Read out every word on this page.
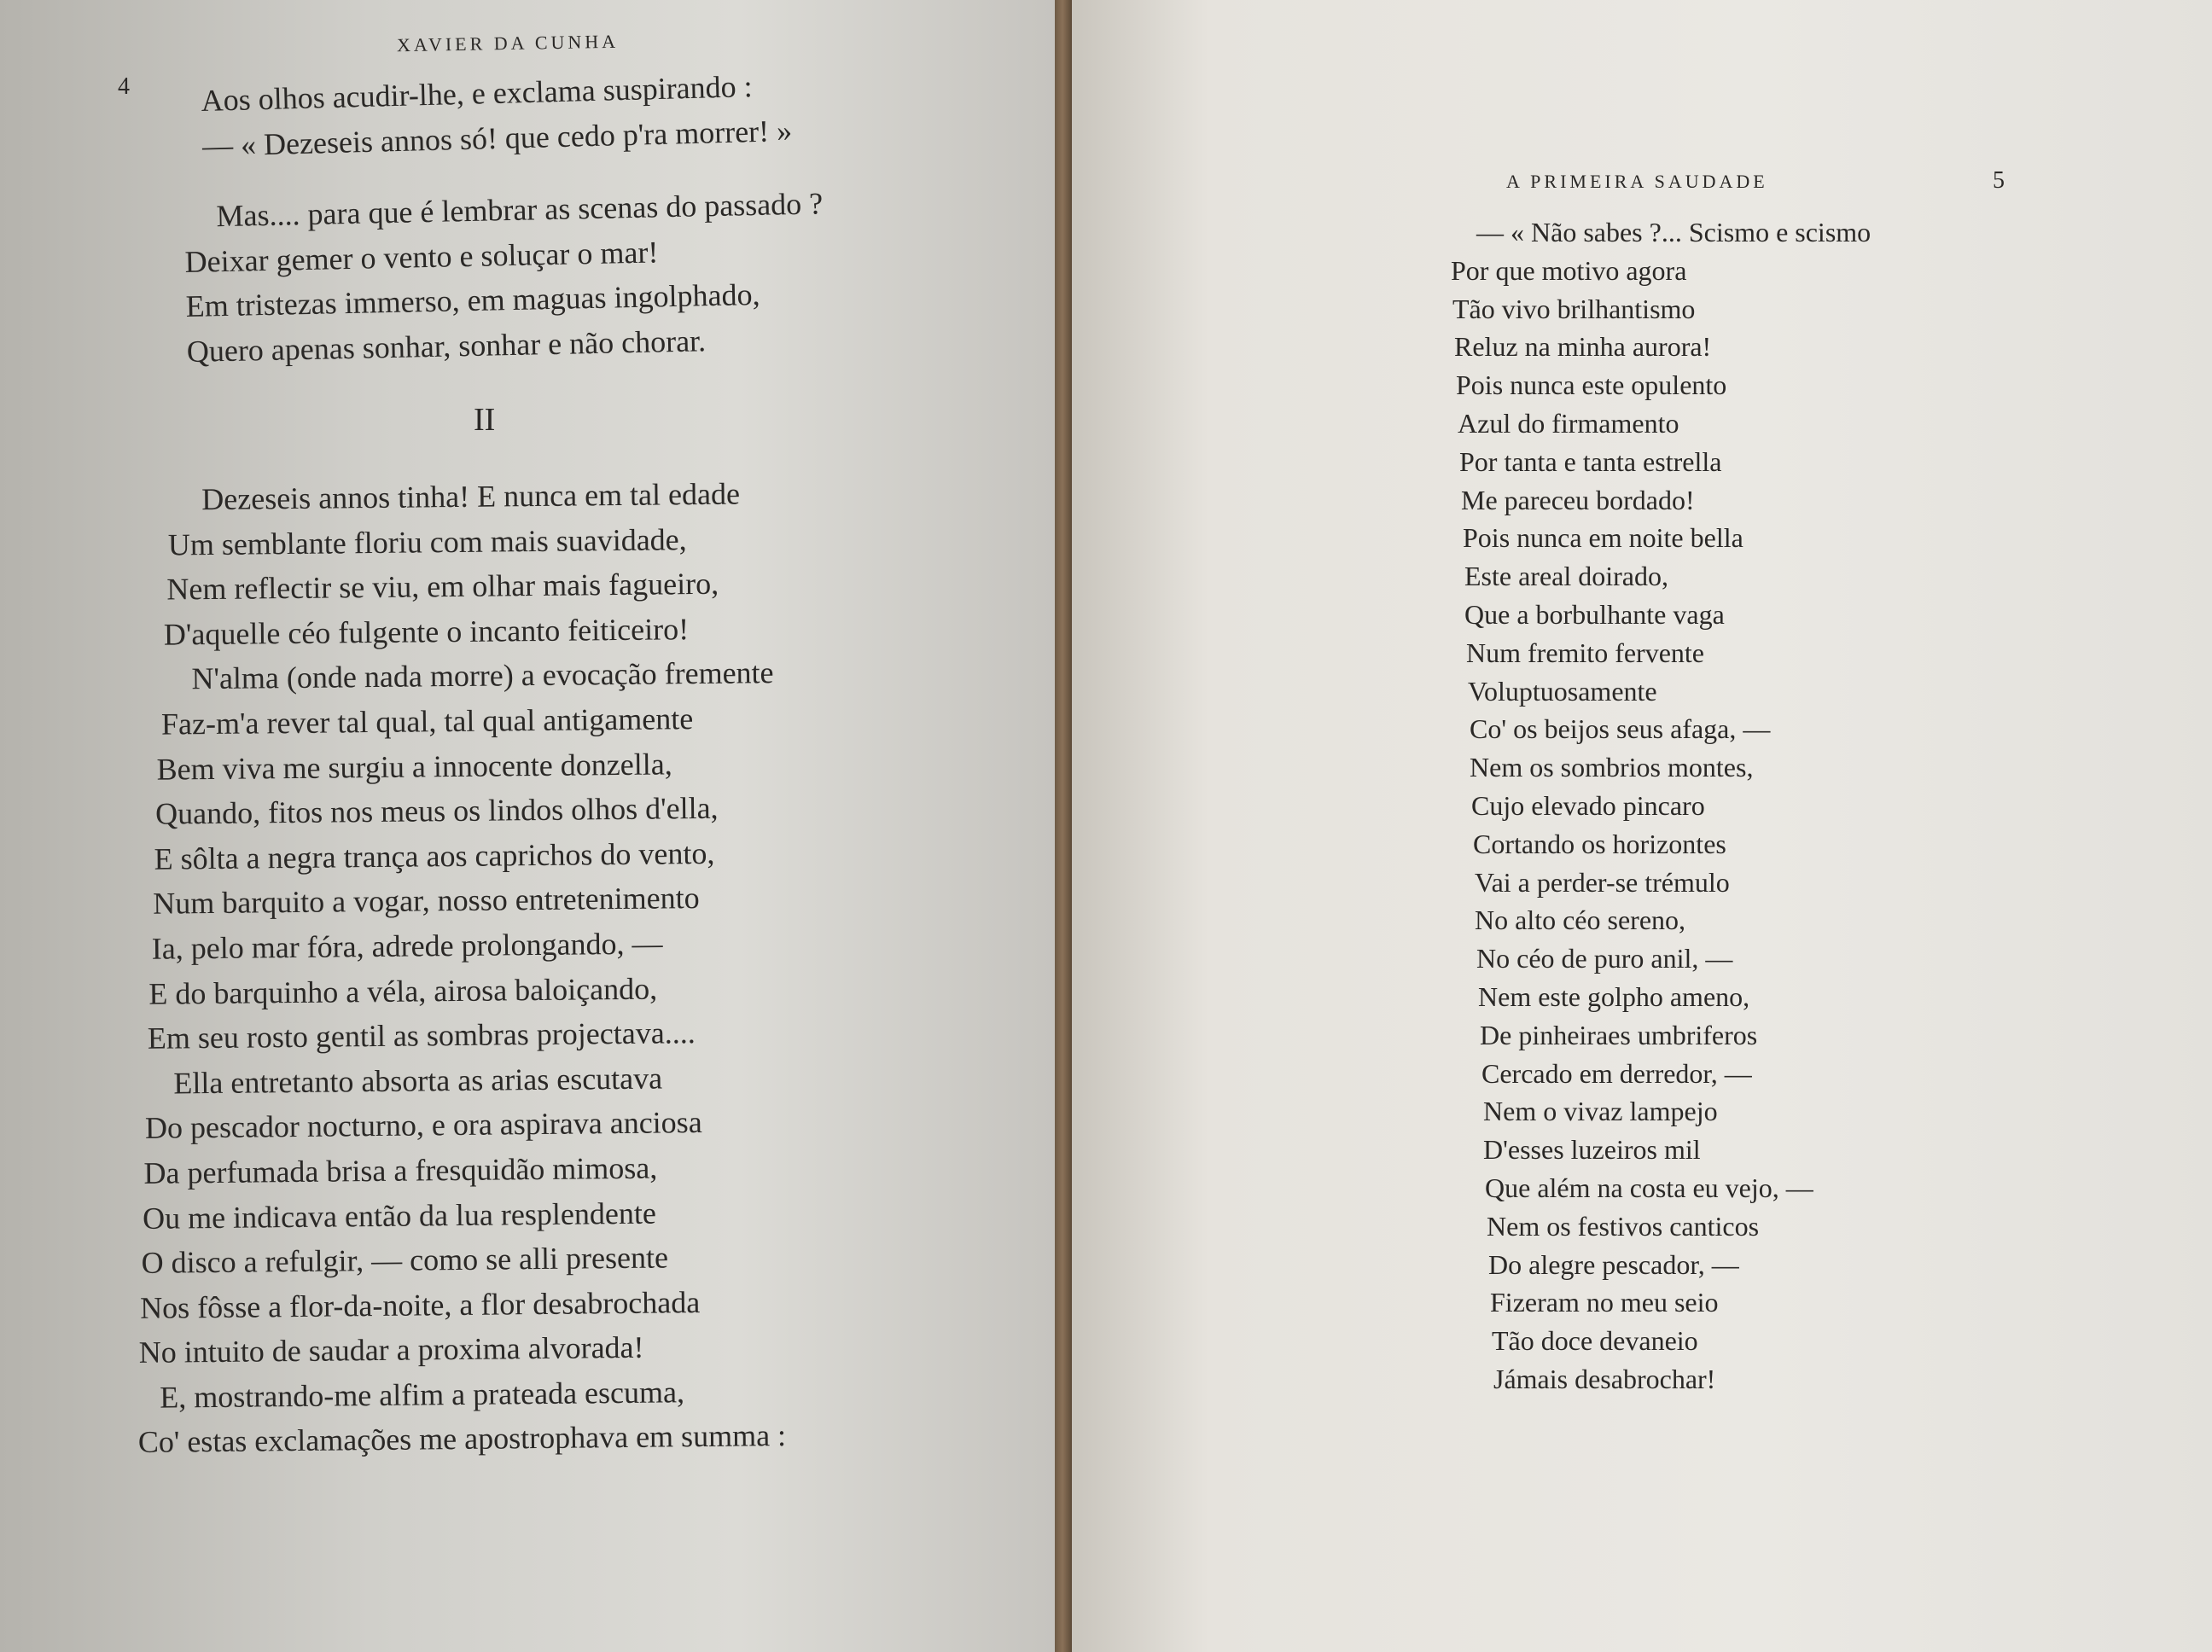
XAVIER DA CUNHA
4 Aos olhos acudir-lhe, e exclama suspirando :
— « Dezeseis annos só! que cedo p'ra morrer! »
Mas.... para que é lembrar as scenas do passado ?
Deixar gemer o vento e soluçar o mar!
Em tristezas immerso, em maguas ingolphado,
Quero apenas sonhar, sonhar e não chorar.
II
Dezeseis annos tinha! E nunca em tal edade
Um semblante floriu com mais suavidade,
Nem reflectir se viu, em olhar mais fagueiro,
D'aquelle céo fulgente o incanto feiticeiro!
N'alma (onde nada morre) a evocação fremente
Faz-m'a rever tal qual, tal qual antigamente
Bem viva me surgiu a innocente donzella,
Quando, fitos nos meus os lindos olhos d'ella,
E sôlta a negra trança aos caprichos do vento,
Num barquito a vogar, nosso entretenimento
Ia, pelo mar fóra, adrede prolongando, —
E do barquinho a véla, airosa baloiçando,
Em seu rosto gentil as sombras projectava....
Ella entretanto absorta as arias escutava
Do pescador nocturno, e ora aspirava anciosa
Da perfumada brisa a fresquidão mimosa,
Ou me indicava então da lua resplendente
O disco a refulgir, — como se alli presente
Nos fôsse a flor-da-noite, a flor desabrochada
No intuito de saudar a proxima alvorada!
E, mostrando-me alfim a prateada escuma,
Co' estas exclamações me apostrophava em summa :
A PRIMEIRA SAUDADE	5
— « Não sabes ?... Scismo e scismo
Por que motivo agora
Tão vivo brilhantismo
Reluz na minha aurora!
Pois nunca este opulento
Azul do firmamento
Por tanta e tanta estrella
Me pareceu bordado!
Pois nunca em noite bella
Este areal doirado,
Que a borbulhante vaga
Num fremito fervente
Voluptuosamente
Co' os beijos seus afaga, —
Nem os sombrios montes,
Cujo elevado pincaro
Cortando os horizontes
Vai a perder-se trémulo
No alto céo sereno,
No céo de puro anil, —
Nem este golpho ameno,
De pinheiraes umbriferos
Cercado em derredor, —
Nem o vivaz lampejo
D'esses luzeiros mil
Que além na costa eu vejo, —
Nem os festivos canticos
Do alegre pescador, —
Fizeram no meu seio
Tão doce devaneio
Jámais desabrochar!
